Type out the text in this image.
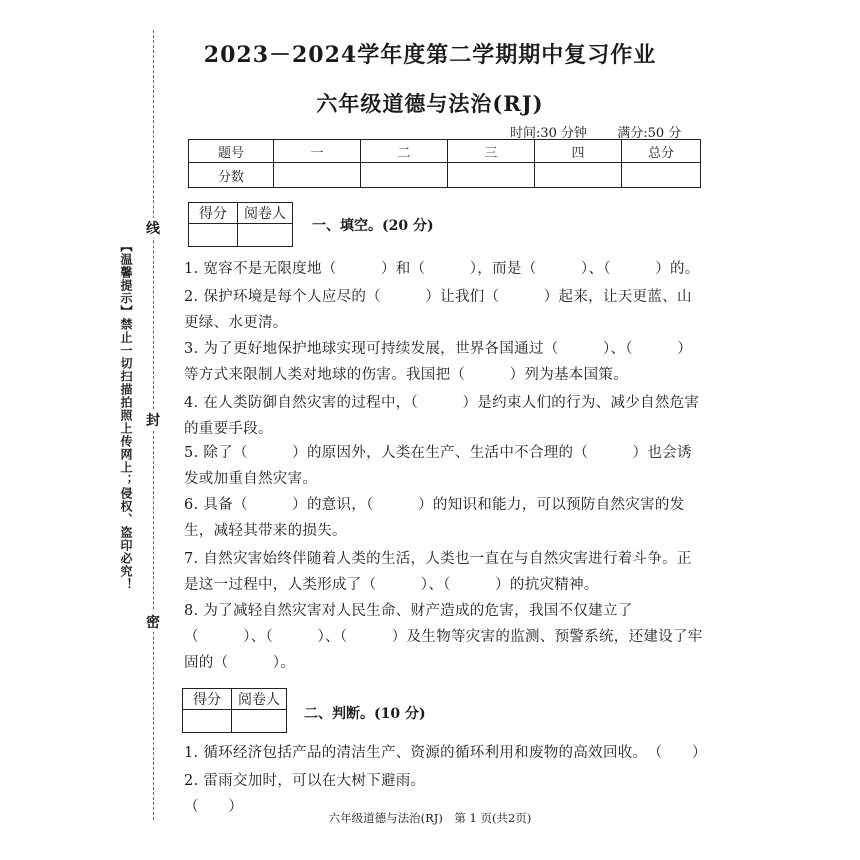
【温馨提示】禁止一切扫描拍照上传网上；侵权、盗印必究！
线
封
密
2023－2024学年度第二学期期中复习作业
六年级道德与法治(RJ)
时间:30 分钟 满分:50 分
题号	一	二	三	四	总分
分数					
得分	阅卷人

一、填空。(20 分)
1. 宽容不是无限度地（　　　）和（　　　），而是（　　　）、（　　　）的。
2. 保护环境是每个人应尽的（　　　）让我们（　　　）起来，让天更蓝、山更绿、水更清。
3. 为了更好地保护地球实现可持续发展，世界各国通过（　　　）、（　　　）等方式来限制人类对地球的伤害。我国把（　　　）列为基本国策。
4. 在人类防御自然灾害的过程中，（　　　）是约束人们的行为、减少自然危害的重要手段。
5. 除了（　　　）的原因外，人类在生产、生活中不合理的（　　　）也会诱发或加重自然灾害。
6. 具备（　　　）的意识，（　　　）的知识和能力，可以预防自然灾害的发生，减轻其带来的损失。
7. 自然灾害始终伴随着人类的生活，人类也一直在与自然灾害进行着斗争。正是这一过程中，人类形成了（　　　）、（　　　）的抗灾精神。
8. 为了减轻自然灾害对人民生命、财产造成的危害，我国不仅建立了（　　　）、（　　　）、（　　　）及生物等灾害的监测、预警系统，还建设了牢固的（　　　）。
得分	阅卷人

二、判断。(10 分)
1. 循环经济包括产品的清洁生产、资源的循环利用和废物的高效回收。　（　　）
2. 雷雨交加时，可以在大树下避雨。　　　　　　　　　　　　　　　　　（　　）
六年级道德与法治(RJ)　第 1 页(共2页)
